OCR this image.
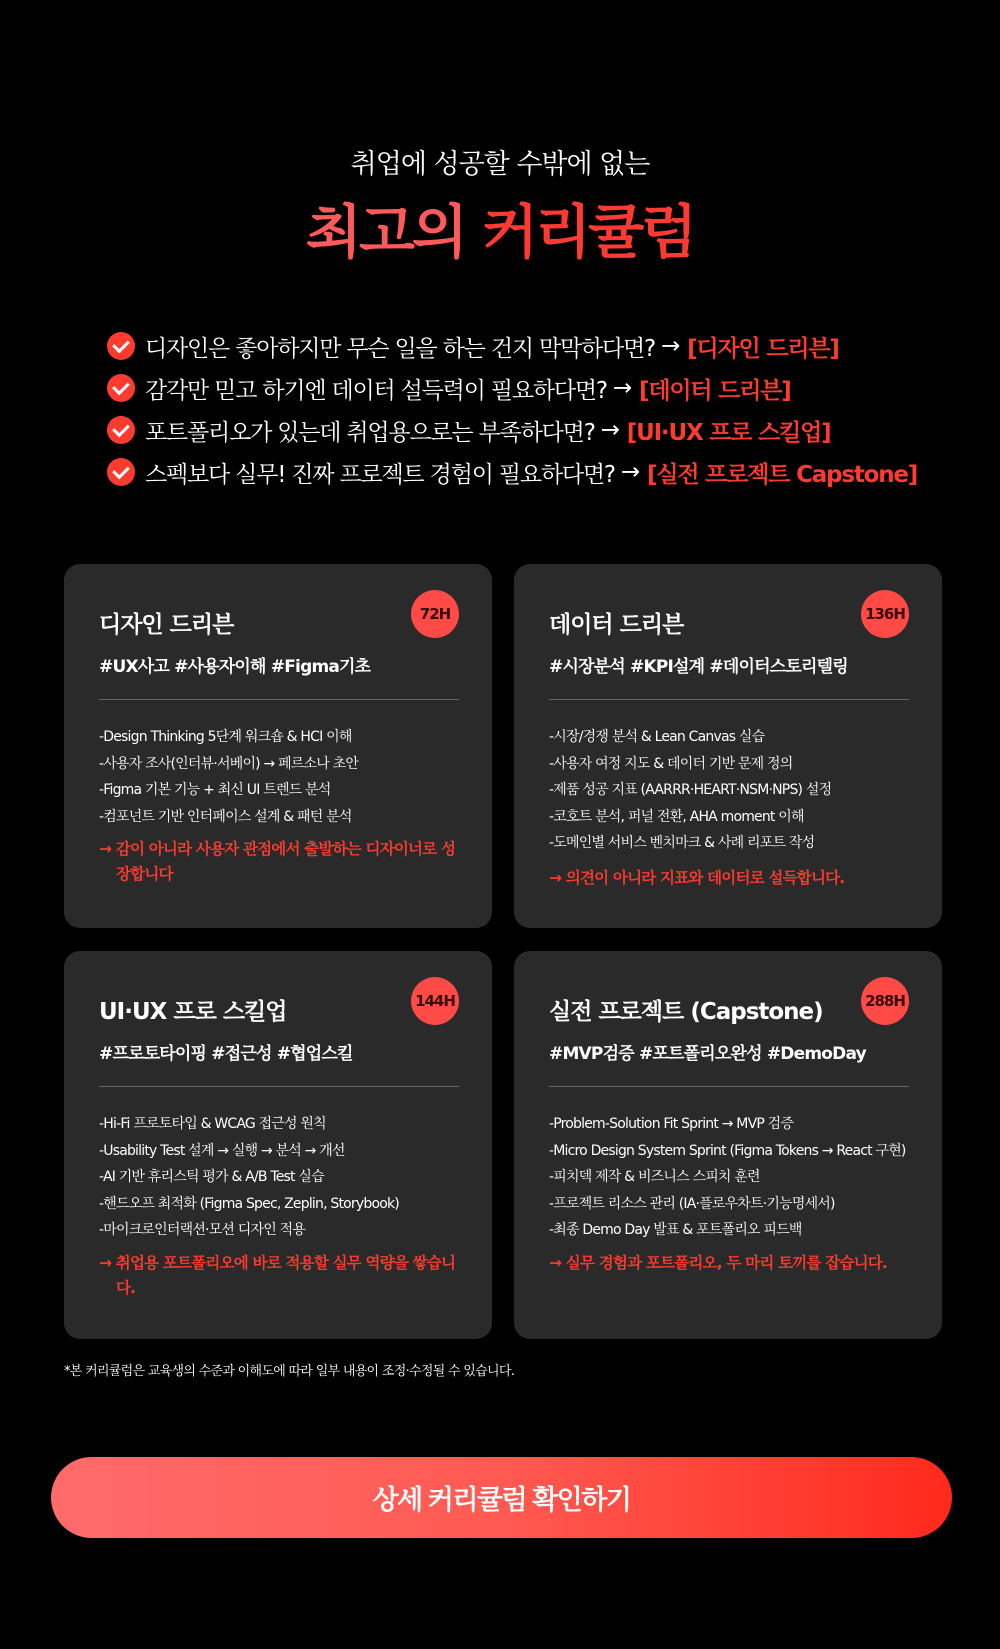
취업에 성공할 수밖에 없는
최고의 커리큘럼
디자인은 좋아하지만 무슨 일을 하는 건지 막막하다면? → [디자인 드리븐]
감각만 믿고 하기엔 데이터 설득력이 필요하다면? → [데이터 드리븐]
포트폴리오가 있는데 취업용으로는 부족하다면? → [UI·UX 프로 스킬업]
스펙보다 실무! 진짜 프로젝트 경험이 필요하다면? → [실전 프로젝트 Capstone]
디자인 드리븐	72H
#UX사고 #사용자이해 #Figma기초
-Design Thinking 5단계 워크숍 & HCI 이해
-사용자 조사(인터뷰·서베이) → 페르소나 초안
-Figma 기본 기능 + 최신 UI 트렌드 분석
-컴포넌트 기반 인터페이스 설계 & 패턴 분석
→ 감이 아니라 사용자 관점에서 출발하는 디자이너로 성장합니다
데이터 드리븐	136H
#시장분석 #KPI설계 #데이터스토리텔링
-시장/경쟁 분석 & Lean Canvas 실습
-사용자 여정 지도 & 데이터 기반 문제 정의
-제품 성공 지표 (AARRR·HEART·NSM·NPS) 설정
-코호트 분석, 퍼널 전환, AHA moment 이해
-도메인별 서비스 벤치마크 & 사례 리포트 작성
→ 의견이 아니라 지표와 데이터로 설득합니다.
UI·UX 프로 스킬업	144H
#프로토타이핑 #접근성 #협업스킬
-Hi-Fi 프로토타입 & WCAG 접근성 원칙
-Usability Test 설계 → 실행 → 분석 → 개선
-AI 기반 휴리스틱 평가 & A/B Test 실습
-핸드오프 최적화 (Figma Spec, Zeplin, Storybook)
-마이크로인터랙션·모션 디자인 적용
→ 취업용 포트폴리오에 바로 적용할 실무 역량을 쌓습니다.
실전 프로젝트 (Capstone)	288H
#MVP검증 #포트폴리오완성 #DemoDay
-Problem-Solution Fit Sprint → MVP 검증
-Micro Design System Sprint (Figma Tokens → React 구현)
-피치덱 제작 & 비즈니스 스피치 훈련
-프로젝트 리소스 관리 (IA·플로우차트·기능명세서)
-최종 Demo Day 발표 & 포트폴리오 피드백
→ 실무 경험과 포트폴리오, 두 마리 토끼를 잡습니다.
*본 커리큘럼은 교육생의 수준과 이해도에 따라 일부 내용이 조정·수정될 수 있습니다.
상세 커리큘럼 확인하기
